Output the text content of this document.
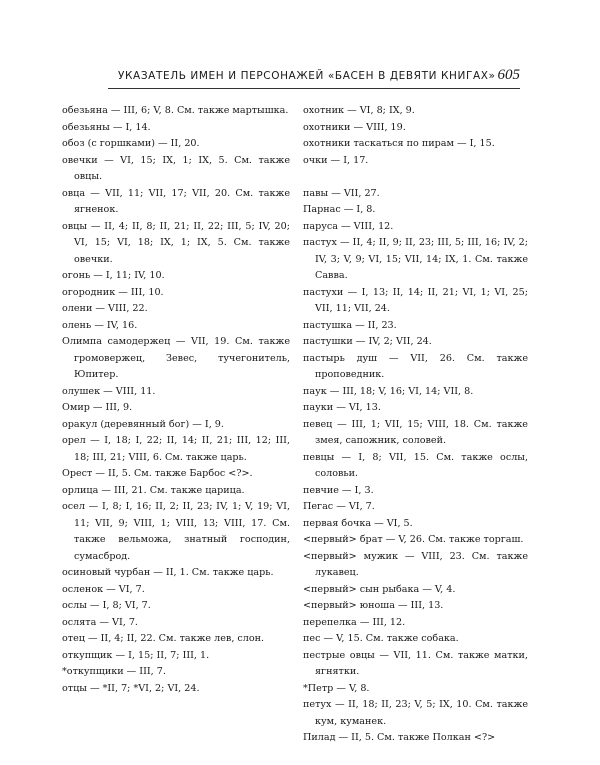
УКАЗАТЕЛЬ ИМЕН И ПЕРСОНАЖЕЙ «БАСЕН В ДЕВЯТИ КНИГАХ» 605
обезьяна — III, 6; V, 8. См. также мартышка.
обезьяны — I, 14.
обоз (с горшками) — II, 20.
овечки — VI, 15; IX, 1; IX, 5. См. также овцы.
овца — VII, 11; VII, 17; VII, 20. См. также ягненок.
овцы — II, 4; II, 8; II, 21; II, 22; III, 5; IV, 20; VI, 15; VI, 18; IX, 1; IX, 5. См. также овечки.
огонь — I, 11; IV, 10.
огородник — III, 10.
олени — VIII, 22.
олень — IV, 16.
Олимпа самодержец — VII, 19. См. также громовержец, Зевес, тучегонитель, Юпитер.
олушек — VIII, 11.
Омир — III, 9.
оракул (деревянный бог) — I, 9.
орел — I, 18; I, 22; II, 14; II, 21; III, 12; III, 18; III, 21; VIII, 6. См. также царь.
Орест — II, 5. См. также Барбос <?>.
орлица — III, 21. См. также царица.
осел — I, 8; I, 16; II, 2; II, 23; IV, 1; V, 19; VI, 11; VII, 9; VIII, 1; VIII, 13; VIII, 17. См. также вельможа, знатный господин, сумасброд.
осиновый чурбан — II, 1. См. также царь.
осленок — VI, 7.
ослы — I, 8; VI, 7.
ослята — VI, 7.
отец — II, 4; II, 22. См. также лев, слон.
откупщик — I, 15; II, 7; III, 1.
*откупщики — III, 7.
отцы — *II, 7; *VI, 2; VI, 24.
охотник — VI, 8; IX, 9.
охотники — VIII, 19.
охотники таскаться по пирам — I, 15.
очки — I, 17.
павы — VII, 27.
Парнас — I, 8.
паруса — VIII, 12.
пастух — II, 4; II, 9; II, 23; III, 5; III, 16; IV, 2; IV, 3; V, 9; VI, 15; VII, 14; IX, 1. См. также Савва.
пастухи — I, 13; II, 14; II, 21; VI, 1; VI, 25; VII, 11; VII, 24.
пастушка — II, 23.
пастушки — IV, 2; VII, 24.
пастырь душ — VII, 26. См. также проповедник.
паук — III, 18; V, 16; VI, 14; VII, 8.
пауки — VI, 13.
певец — III, 1; VII, 15; VIII, 18. См. также змея, сапожник, соловей.
певцы — I, 8; VII, 15. См. также ослы, соловьи.
певчие — I, 3.
Пегас — VI, 7.
первая бочка — VI, 5.
<первый> брат — V, 26. См. также торгаш.
<первый> мужик — VIII, 23. См. также лукавец.
<первый> сын рыбака — V, 4.
<первый> юноша — III, 13.
перепелка — III, 12.
пес — V, 15. См. также собака.
пестрые овцы — VII, 11. См. также матки, ягнятки.
*Петр — V, 8.
петух — II, 18; II, 23; V, 5; IX, 10. См. также кум, куманек.
Пилад — II, 5. См. также Полкан <?>
